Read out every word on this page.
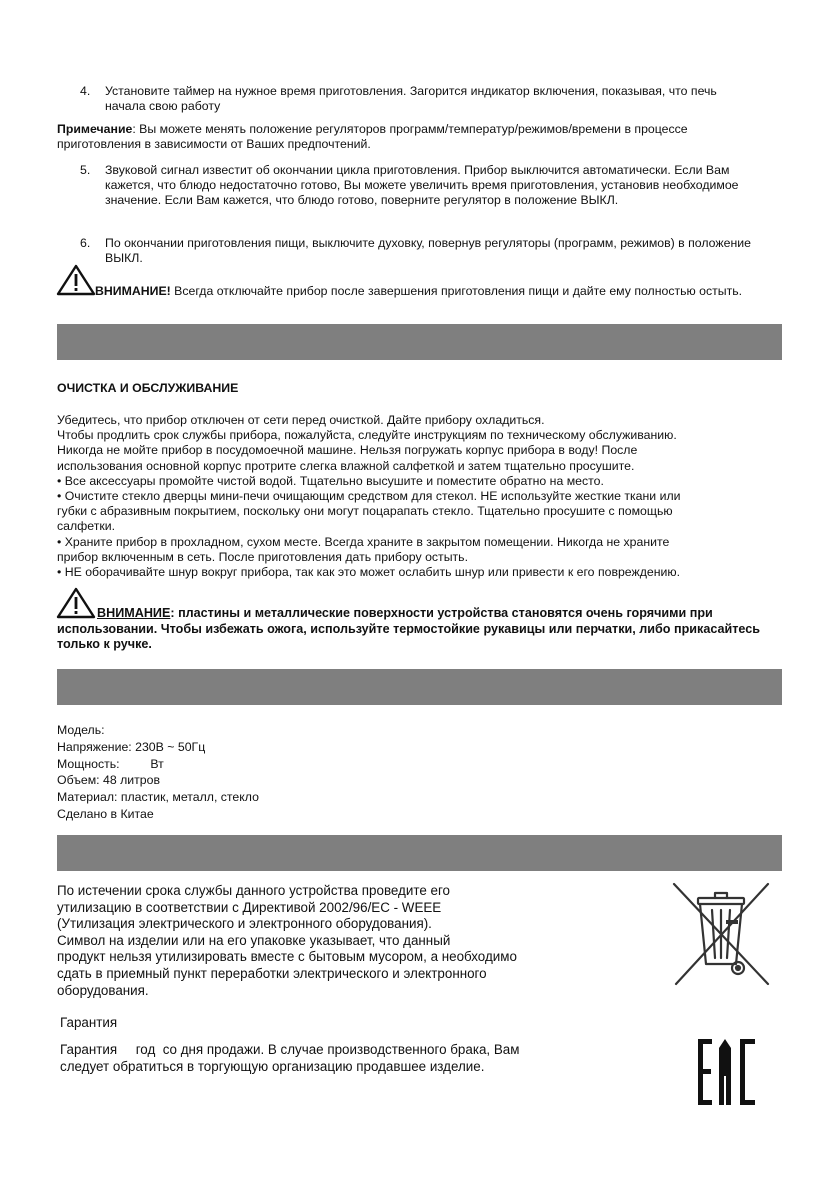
4. Установите таймер на нужное время приготовления. Загорится индикатор включения, показывая, что печь начала свою работу
Примечание: Вы можете менять положение регуляторов программ/температур/режимов/времени в процессе приготовления в зависимости от Ваших предпочтений.
5. Звуковой сигнал известит об окончании цикла приготовления. Прибор выключится автоматически. Если Вам кажется, что блюдо недостаточно готово, Вы можете увеличить время приготовления, установив необходимое значение. Если Вам кажется, что блюдо готово, поверните регулятор в положение ВЫКЛ.
6. По окончании приготовления пищи, выключите духовку, повернув регуляторы (программ, режимов) в положение ВЫКЛ.
ВНИМАНИЕ! Всегда отключайте прибор после завершения приготовления пищи и дайте ему полностью остыть.
ОЧИСТКА И ОБСЛУЖИВАНИЕ
Убедитесь, что прибор отключен от сети перед очисткой. Дайте прибору охладиться.
Чтобы продлить срок службы прибора, пожалуйста, следуйте инструкциям по техническому обслуживанию.
Никогда не мойте прибор в посудомоечной машине. Нельзя погружать корпус прибора в воду! После
использования основной корпус протрите слегка влажной салфеткой и затем тщательно просушите.
• Все аксессуары промойте чистой водой. Тщательно высушите и поместите обратно на место.
• Очистите стекло дверцы мини-печи очищающим средством для стекол. НЕ используйте жесткие ткани или
губки с абразивным покрытием, поскольку они могут поцарапать стекло. Тщательно просушите с помощью
салфетки.
• Храните прибор в прохладном, сухом месте. Всегда храните в закрытом помещении. Никогда не храните
прибор включенным в сеть. После приготовления дать прибору остыть.
• НЕ оборачивайте шнур вокруг прибора, так как это может ослабить шнур или привести к его повреждению.
ВНИМАНИЕ: пластины и металлические поверхности устройства становятся очень горячими при использовании. Чтобы избежать ожога, используйте термостойкие рукавицы или перчатки, либо прикасайтесь только к ручке.
Модель:
Напряжение: 230В ~ 50Гц
Мощность:         Вт
Объем: 48 литров
Материал: пластик, металл, стекло
Сделано в Китае
По истечении срока службы данного устройства проведите его
утилизацию в соответствии с Директивой 2002/96/ЕС - WEEE
(Утилизация электрического и электронного оборудования).
Символ на изделии или на его упаковке указывает, что данный
продукт нельзя утилизировать вместе с бытовым мусором, а необходимо
сдать в приемный пункт переработки электрического и электронного
оборудования.
Гарантия
Гарантия     год  со дня продажи. В случае производственного брака, Вам
следует обратиться в торгующую организацию продавшее изделие.
